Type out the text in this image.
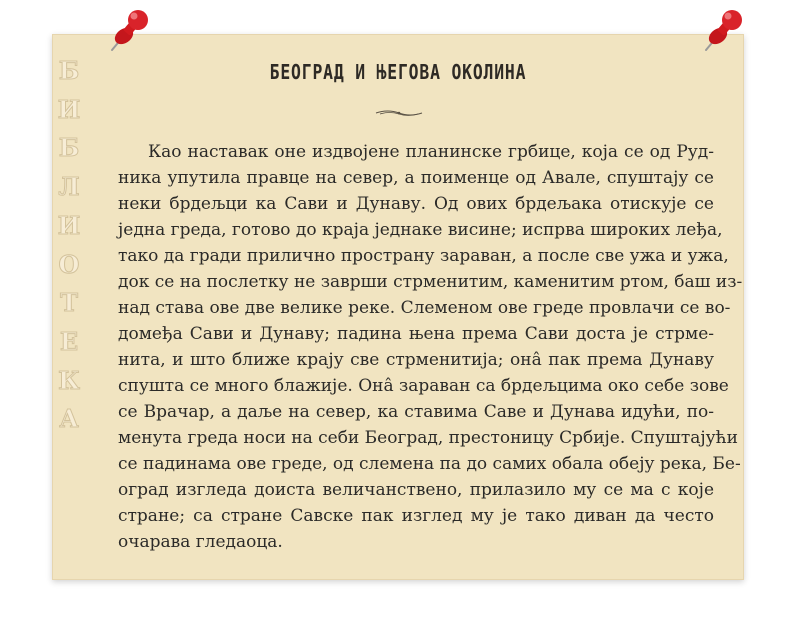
Б
И
Б
Л
И
О
Т
Е
К
А
БЕОГРАД И ЊЕГОВА ОКОЛИНА
Као наставак оне издвојене планинске грбице, која се од Руд-
ника упутила правце на север, а поименце од Авале, спуштају се
неки брдељци ка Сави и Дунаву. Од ових брдељака отискује се
једна греда, готово до краја једнаке висине; испрва широких леђа,
тако да гради прилично пространу зараван, а после све ужа и ужа,
док се на послетку не заврши стрменитим, каменитим ртом, баш из-
над става ове две велике реке. Слеменом ове греде провлачи се во-
домеђа Сави и Дунаву; падина њена према Сави доста је стрме-
нита, и што ближе крају све стрменитија; она̂ пак према Дунаву
спушта се много блажије. Она̂ зараван са брдељцима око себе зове
се Врачар, а даље на север, ка ставима Саве и Дунава идући, по-
менута греда носи на себи Београд, престоницу Србије. Спуштајући
се падинама ове греде, од слемена па до самих обала обеју река, Бе-
оград изгледа доиста величанствено, прилазило му се ма с које
стране; са стране Савске пак изглед му је тако диван да често
очарава гледаоца.
